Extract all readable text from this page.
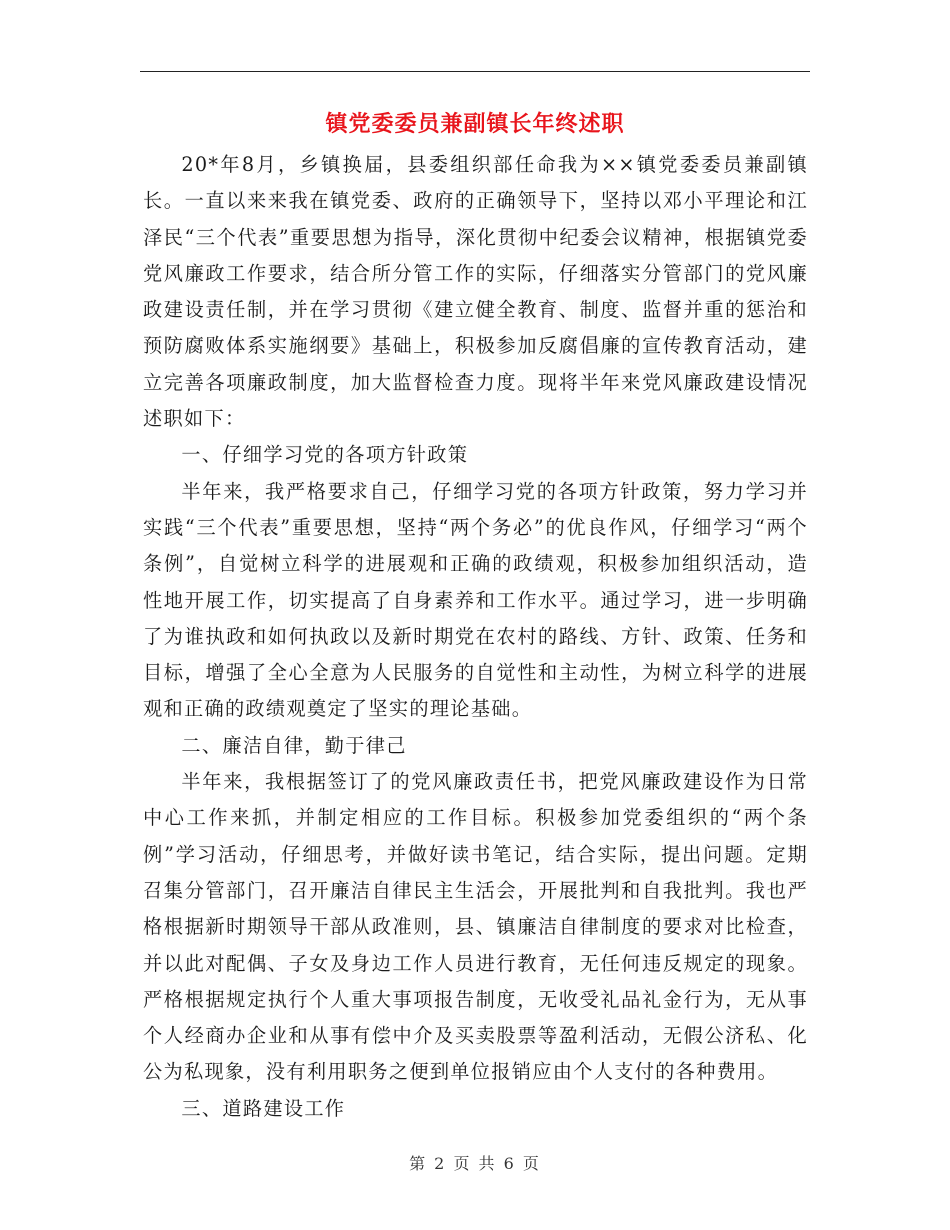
镇党委委员兼副镇长年终述职

20*年8月，乡镇换届，县委组织部任命我为××镇党委委员兼副镇长。一直以来来我在镇党委、政府的正确领导下，坚持以邓小平理论和江泽民“三个代表”重要思想为指导，深化贯彻中纪委会议精神，根据镇党委党风廉政工作要求，结合所分管工作的实际，仔细落实分管部门的党风廉政建设责任制，并在学习贯彻《建立健全教育、制度、监督并重的惩治和预防腐败体系实施纲要》基础上，积极参加反腐倡廉的宣传教育活动，建立完善各项廉政制度，加大监督检查力度。现将半年来党风廉政建设情况述职如下：

一、仔细学习党的各项方针政策

半年来，我严格要求自己，仔细学习党的各项方针政策，努力学习并实践“三个代表”重要思想，坚持“两个务必”的优良作风，仔细学习“两个条例”，自觉树立科学的进展观和正确的政绩观，积极参加组织活动，造性地开展工作，切实提高了自身素养和工作水平。通过学习，进一步明确了为谁执政和如何执政以及新时期党在农村的路线、方针、政策、任务和目标，增强了全心全意为人民服务的自觉性和主动性，为树立科学的进展观和正确的政绩观奠定了坚实的理论基础。

二、廉洁自律，勤于律己

半年来，我根据签订了的党风廉政责任书，把党风廉政建设作为日常中心工作来抓，并制定相应的工作目标。积极参加党委组织的“两个条例”学习活动，仔细思考，并做好读书笔记，结合实际，提出问题。定期召集分管部门，召开廉洁自律民主生活会，开展批判和自我批判。我也严格根据新时期领导干部从政准则，县、镇廉洁自律制度的要求对比检查，并以此对配偶、子女及身边工作人员进行教育，无任何违反规定的现象。严格根据规定执行个人重大事项报告制度，无收受礼品礼金行为，无从事个人经商办企业和从事有偿中介及买卖股票等盈利活动，无假公济私、化公为私现象，没有利用职务之便到单位报销应由个人支付的各种费用。

三、道路建设工作

第 2 页 共 6 页
